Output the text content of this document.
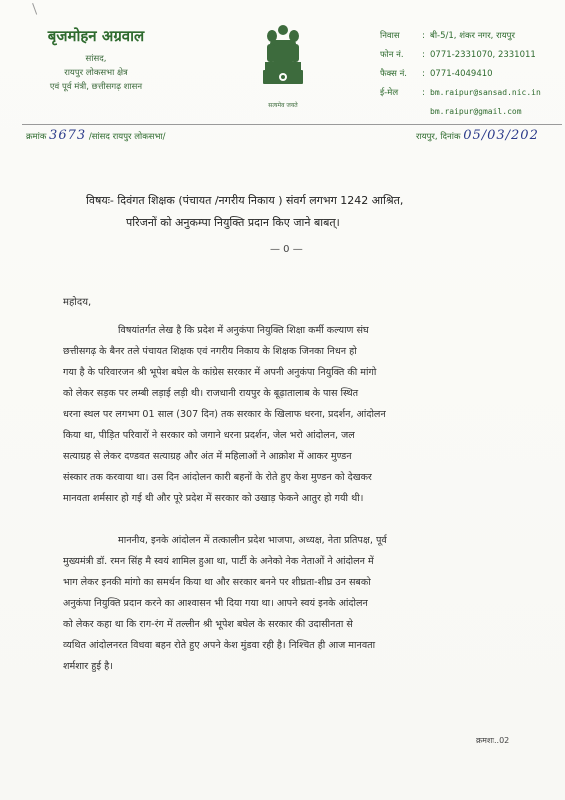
बृजमोहन अग्रवाल
सांसद,
रायपुर लोकसभा क्षेत्र
एवं पूर्व मंत्री, छत्तीसगढ़ शासन
सत्यमेव जयते
निवास	: बी-5/1, शंकर नगर, रायपुर
फोन नं.	: 0771-2331070, 2331011
फैक्स नं.	: 0771-4049410
ई-मेल	: bm.raipur@sansad.nic.in
bm.raipur@gmail.com
क्रमांक 3673 /सांसद रायपुर लोकसभा/	रायपुर, दिनांक 05/03/202
विषयः- दिवंगत शिक्षक (पंचायत /नगरीय निकाय ) संवर्ग लगभग 1242 आश्रित,
परिजनों को अनुकम्पा नियुक्ति प्रदान किए जाने बाबत्।
— 0 —
महोदय,
विषयांतर्गत लेख है कि प्रदेश में अनुकंपा नियुक्ति शिक्षा कर्मी कल्याण संघ
छत्तीसगढ़ के बैनर तले पंचायत शिक्षक एवं नगरीय निकाय के शिक्षक जिनका निधन हो
गया है के परिवारजन श्री भूपेश बघेल के कांग्रेस सरकार में अपनी अनुकंपा नियुक्ति की मांगो
को लेकर सड़क पर लम्बी लड़ाई लड़ी थी। राजधानी रायपुर के बूढ़ातालाब के पास स्थित
धरना स्थल पर लगभग 01 साल (307 दिन) तक सरकार के खिलाफ धरना, प्रदर्शन, आंदोलन
किया था, पीड़ित परिवारों ने सरकार को जगाने धरना प्रदर्शन, जेल भरो आंदोलन, जल
सत्याग्रह से लेकर दण्डवत सत्याग्रह और अंत में महिलाओं ने आक्रोश में आकर मुण्डन
संस्कार तक करवाया था। उस दिन आंदोलन कारी बहनों के रोते हुए केश मुण्डन को देखकर
मानवता शर्मसार हो गई थी और पूरे प्रदेश में सरकार को उखाड़ फेकने आतुर हो गयी थी।
माननीय, इनके आंदोलन में तत्कालीन प्रदेश भाजपा, अध्यक्ष, नेता प्रतिपक्ष, पूर्व
मुख्यमंत्री डॉ. रमन सिंह मै स्वयं शामिल हुआ था, पार्टी के अनेको नेक नेताओं ने आंदोलन में
भाग लेकर इनकी मांगो का समर्थन किया था और सरकार बनने पर शीघ्रता-शीघ्र उन सबको
अनुकंपा नियुक्ति प्रदान करने का आश्वासन भी दिया गया था। आपने स्वयं इनके आंदोलन
को लेकर कहा था कि राग-रंग में तल्लीन श्री भूपेश बघेल के सरकार की उदासीनता से
व्यथित आंदोलनरत विधवा बहन रोते हुए अपने केश मुंडवा रही है। निश्चित ही आज मानवता
शर्मशार हुई है।
क्रमशः..02
